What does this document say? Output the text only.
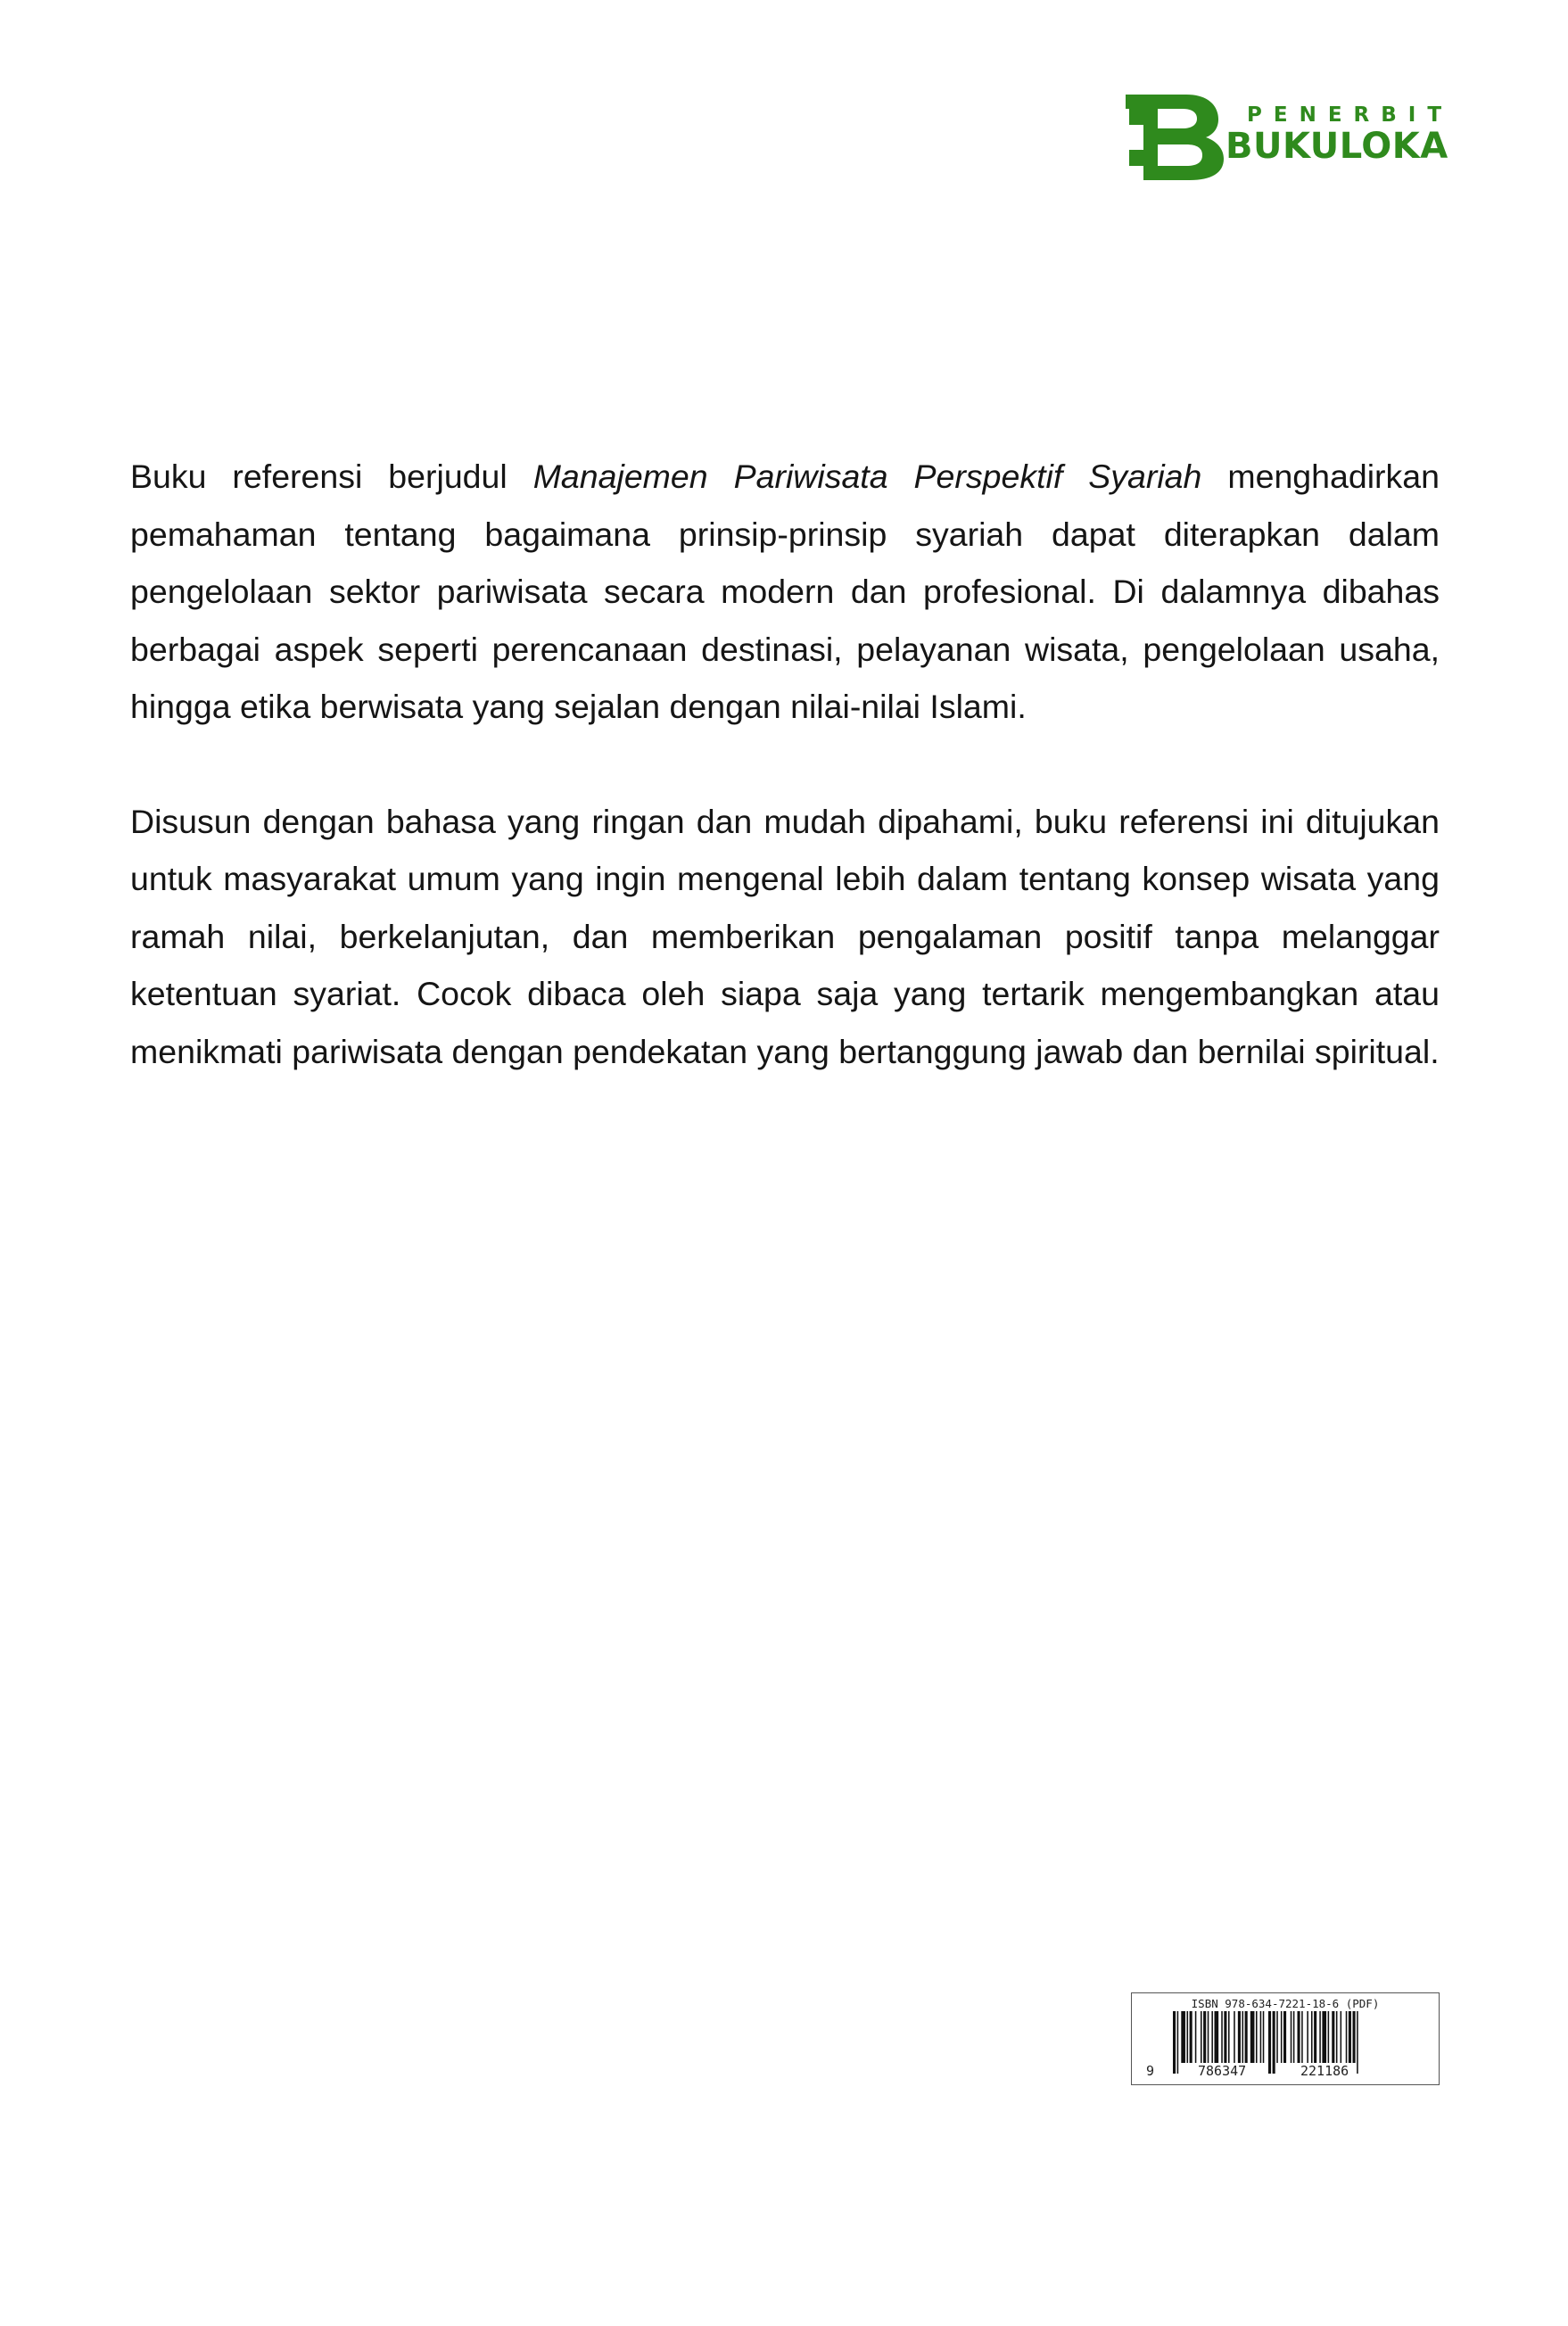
PENERBIT
BUKULOKA

Buku referensi berjudul Manajemen Pariwisata Perspektif Syariah menghadirkan pemahaman tentang bagaimana prinsip-prinsip syariah dapat diterapkan dalam pengelolaan sektor pariwisata secara modern dan profesional. Di dalamnya dibahas berbagai aspek seperti perencanaan destinasi, pelayanan wisata, pengelolaan usaha, hingga etika berwisata yang sejalan dengan nilai-nilai Islami.

Disusun dengan bahasa yang ringan dan mudah dipahami, buku referensi ini ditujukan untuk masyarakat umum yang ingin mengenal lebih dalam tentang konsep wisata yang ramah nilai, berkelanjutan, dan memberikan pengalaman positif tanpa melanggar ketentuan syariat. Cocok dibaca oleh siapa saja yang tertarik mengembangkan atau menikmati pariwisata dengan pendekatan yang bertanggung jawab dan bernilai spiritual.

ISBN 978-634-7221-18-6 (PDF)
9	786347	221186
